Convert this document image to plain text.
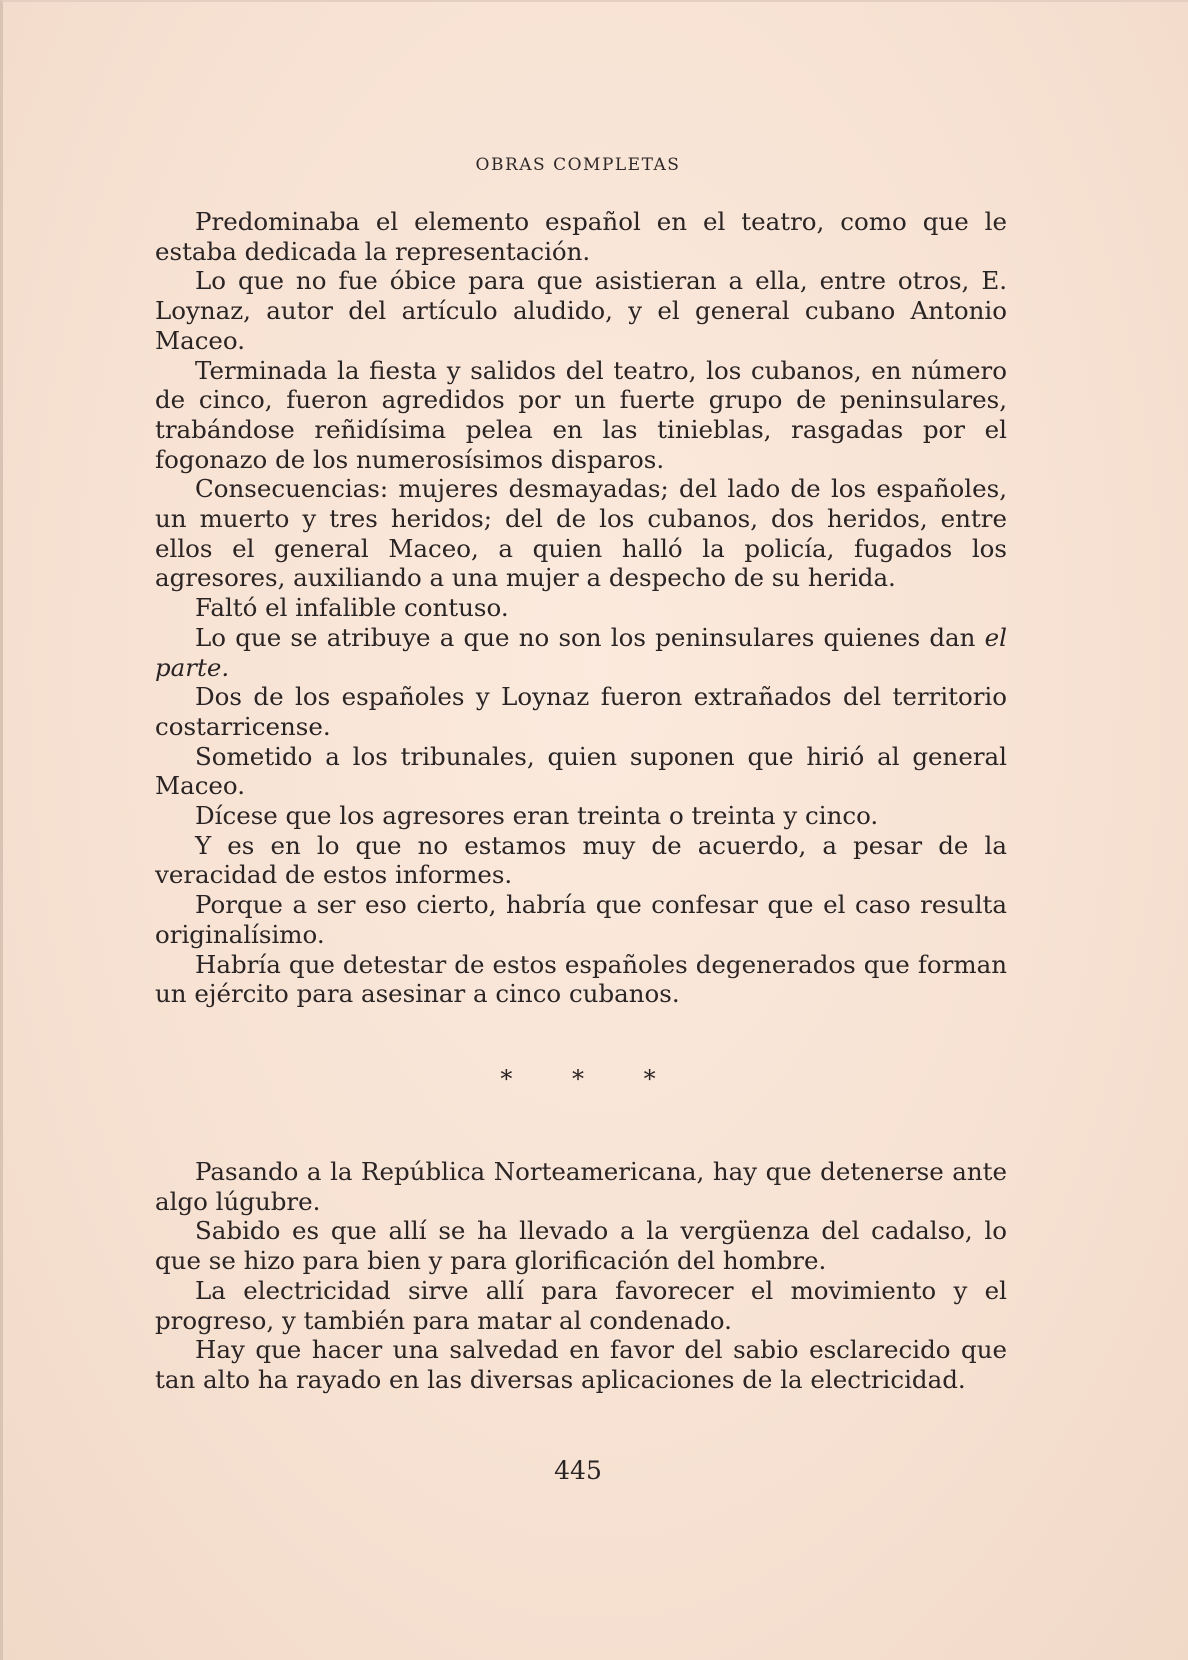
OBRAS COMPLETAS

Predominaba el elemento español en el teatro, como que le estaba dedicada la representación.

Lo que no fue óbice para que asistieran a ella, entre otros, E. Loynaz, autor del artículo aludido, y el general cubano Antonio Maceo.

Terminada la fiesta y salidos del teatro, los cubanos, en número de cinco, fueron agredidos por un fuerte grupo de peninsulares, trabándose reñidísima pelea en las tinieblas, rasgadas por el fogonazo de los numerosísimos disparos.

Consecuencias: mujeres desmayadas; del lado de los españoles, un muerto y tres heridos; del de los cubanos, dos heridos, entre ellos el general Maceo, a quien halló la policía, fugados los agresores, auxiliando a una mujer a despecho de su herida.

Faltó el infalible contuso.

Lo que se atribuye a que no son los peninsulares quienes dan el parte.

Dos de los españoles y Loynaz fueron extrañados del territorio costarricense.

Sometido a los tribunales, quien suponen que hirió al general Maceo.

Dícese que los agresores eran treinta o treinta y cinco.

Y es en lo que no estamos muy de acuerdo, a pesar de la veracidad de estos informes.

Porque a ser eso cierto, habría que confesar que el caso resulta originalísimo.

Habría que detestar de estos españoles degenerados que forman un ejército para asesinar a cinco cubanos.

* * *

Pasando a la República Norteamericana, hay que detenerse ante algo lúgubre.

Sabido es que allí se ha llevado a la vergüenza del cadalso, lo que se hizo para bien y para glorificación del hombre.

La electricidad sirve allí para favorecer el movimiento y el progreso, y también para matar al condenado.

Hay que hacer una salvedad en favor del sabio esclarecido que tan alto ha rayado en las diversas aplicaciones de la electricidad.

445
